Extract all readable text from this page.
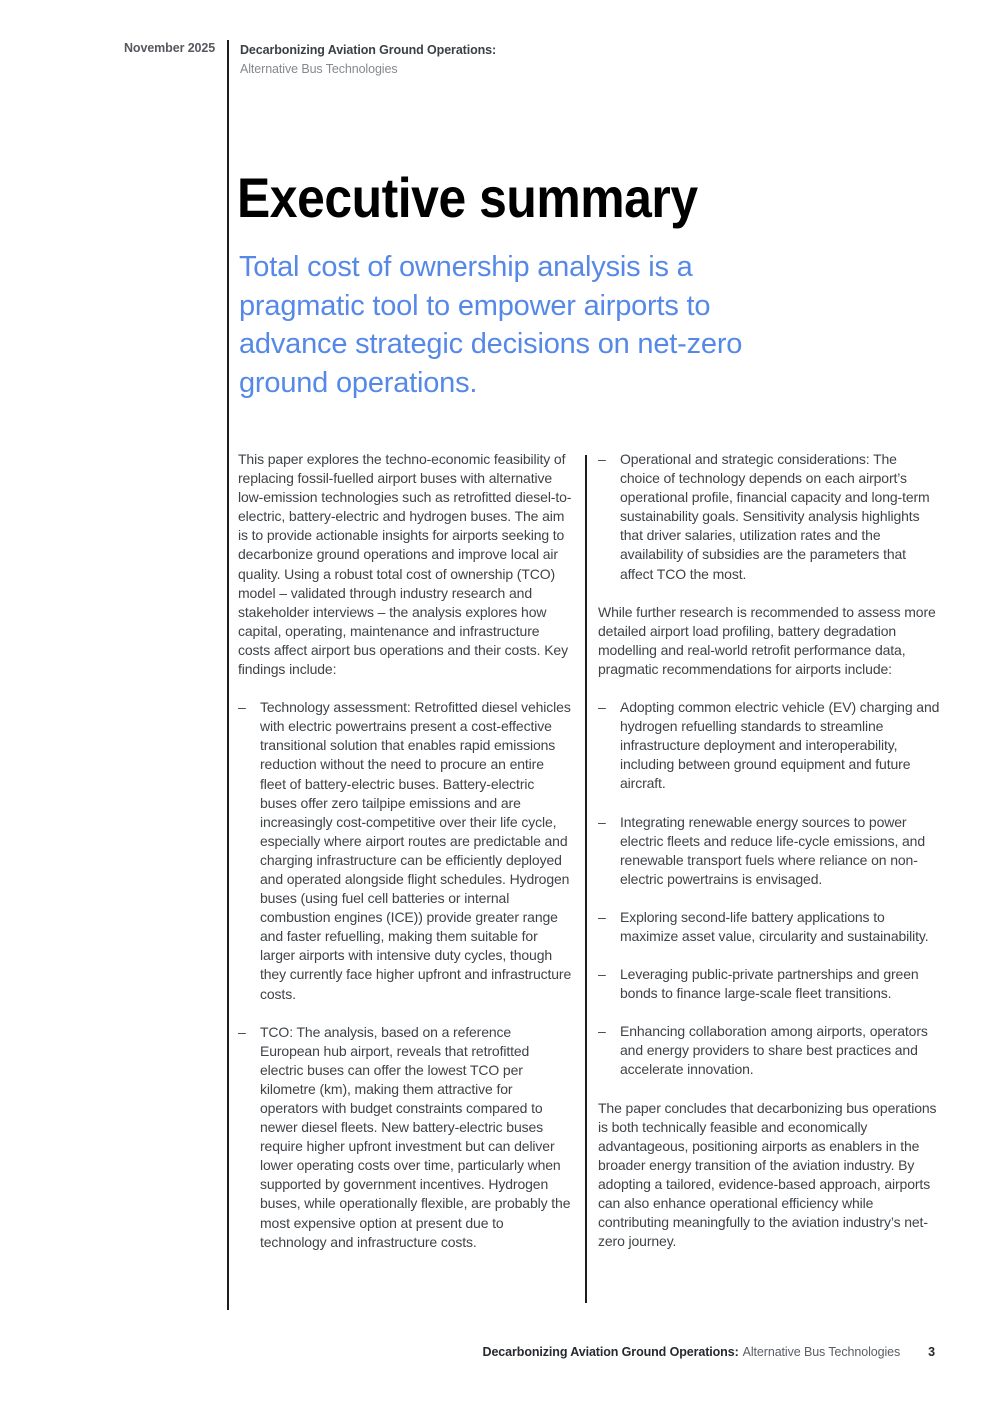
November 2025 Decarbonizing Aviation Ground Operations:
Alternative Bus Technologies
Executive summary
Total cost of ownership analysis is a pragmatic tool to empower airports to advance strategic decisions on net-zero ground operations.

This paper explores the techno-economic feasibility of replacing fossil-fuelled airport buses with alternative low-emission technologies such as retrofitted diesel-to-electric, battery-electric and hydrogen buses. The aim is to provide actionable insights for airports seeking to decarbonize ground operations and improve local air quality. Using a robust total cost of ownership (TCO) model – validated through industry research and stakeholder interviews – the analysis explores how capital, operating, maintenance and infrastructure costs affect airport bus operations and their costs. Key findings include:

–	Technology assessment: Retrofitted diesel vehicles with electric powertrains present a cost-effective transitional solution that enables rapid emissions reduction without the need to procure an entire fleet of battery-electric buses. Battery-electric buses offer zero tailpipe emissions and are increasingly cost-competitive over their life cycle, especially where airport routes are predictable and charging infrastructure can be efficiently deployed and operated alongside flight schedules. Hydrogen buses (using fuel cell batteries or internal combustion engines (ICE)) provide greater range and faster refuelling, making them suitable for larger airports with intensive duty cycles, though they currently face higher upfront and infrastructure costs.
–	TCO: The analysis, based on a reference European hub airport, reveals that retrofitted electric buses can offer the lowest TCO per kilometre (km), making them attractive for operators with budget constraints compared to newer diesel fleets. New battery-electric buses require higher upfront investment but can deliver lower operating costs over time, particularly when supported by government incentives. Hydrogen buses, while operationally flexible, are probably the most expensive option at present due to technology and infrastructure costs.
–	Operational and strategic considerations: The choice of technology depends on each airport’s operational profile, financial capacity and long-term sustainability goals. Sensitivity analysis highlights that driver salaries, utilization rates and the availability of subsidies are the parameters that affect TCO the most.

While further research is recommended to assess more detailed airport load profiling, battery degradation modelling and real-world retrofit performance data, pragmatic recommendations for airports include:

–	Adopting common electric vehicle (EV) charging and hydrogen refuelling standards to streamline infrastructure deployment and interoperability, including between ground equipment and future aircraft.
–	Integrating renewable energy sources to power electric fleets and reduce life-cycle emissions, and renewable transport fuels where reliance on non-electric powertrains is envisaged.
–	Exploring second-life battery applications to maximize asset value, circularity and sustainability.
–	Leveraging public-private partnerships and green bonds to finance large-scale fleet transitions.
–	Enhancing collaboration among airports, operators and energy providers to share best practices and accelerate innovation.

The paper concludes that decarbonizing bus operations is both technically feasible and economically advantageous, positioning airports as enablers in the broader energy transition of the aviation industry. By adopting a tailored, evidence-based approach, airports can also enhance operational efficiency while contributing meaningfully to the aviation industry’s net-zero journey.

Decarbonizing Aviation Ground Operations: Alternative Bus Technologies 3
